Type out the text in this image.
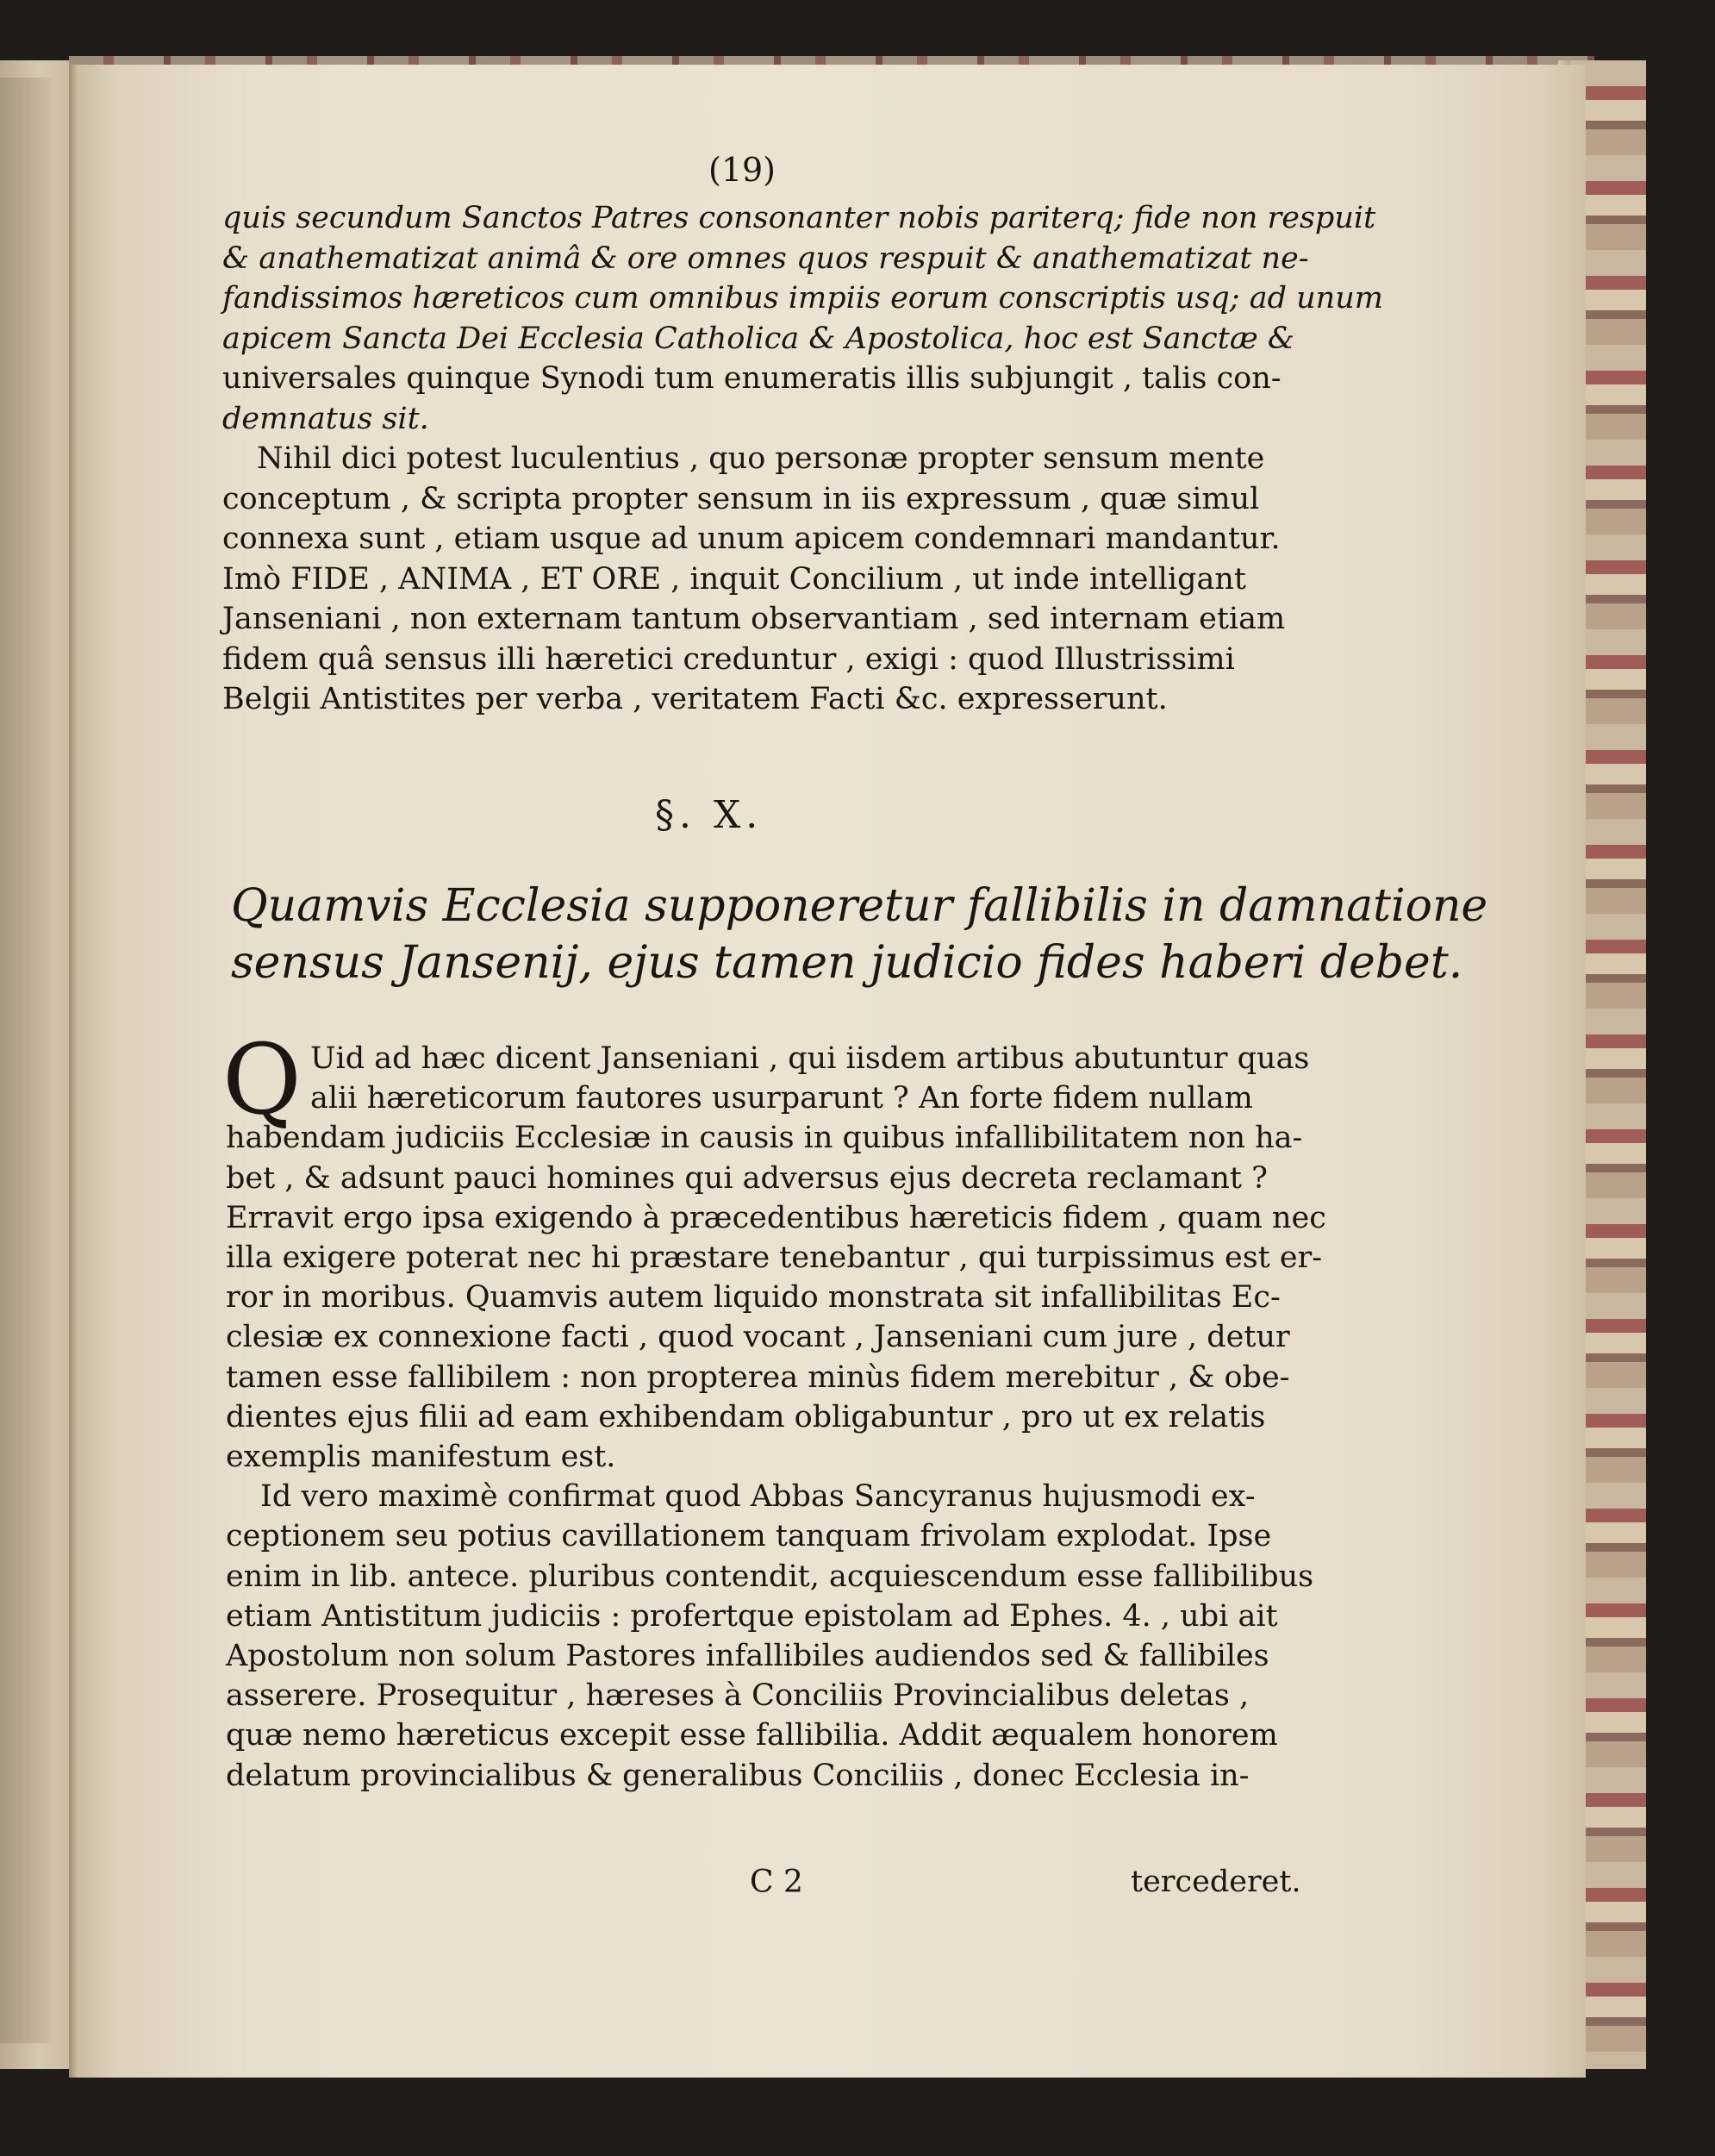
(19)
quis secundum Sanctos Patres consonanter nobis pariterq; fide non respuit
& anathematizat animâ & ore omnes quos respuit & anathematizat ne-
fandissimos hæreticos cum omnibus impiis eorum conscriptis usq; ad unum
apicem Sancta Dei Ecclesia Catholica & Apostolica, hoc est Sanctæ &
universales quinque Synodi tum enumeratis illis subjungit , talis con-
demnatus sit.
Nihil dici potest luculentius , quo personæ propter sensum mente
conceptum , & scripta propter sensum in iis expressum , quæ simul
connexa sunt , etiam usque ad unum apicem condemnari mandantur.
Imò FIDE , ANIMA , ET ORE , inquit Concilium , ut inde intelligant
Janseniani , non externam tantum observantiam , sed internam etiam
fidem quâ sensus illi hæretici creduntur , exigi : quod Illustrissimi
Belgii Antistites per verba , veritatem Facti &c. expresserunt.
§. X.
Quamvis Ecclesia supponeretur fallibilis in damnatione
sensus Jansenij, ejus tamen judicio fides haberi debet.
Q Uid ad hæc dicent Janseniani , qui iisdem artibus abutuntur quas
alii hæreticorum fautores usurparunt ? An forte fidem nullam
habendam judiciis Ecclesiæ in causis in quibus infallibilitatem non ha-
bet , & adsunt pauci homines qui adversus ejus decreta reclamant ?
Erravit ergo ipsa exigendo à præcedentibus hæreticis fidem , quam nec
illa exigere poterat nec hi præstare tenebantur , qui turpissimus est er-
ror in moribus. Quamvis autem liquido monstrata sit infallibilitas Ec-
clesiæ ex connexione facti , quod vocant , Janseniani cum jure , detur
tamen esse fallibilem : non propterea minùs fidem merebitur , & obe-
dientes ejus filii ad eam exhibendam obligabuntur , pro ut ex relatis
exemplis manifestum est.
Id vero maximè confirmat quod Abbas Sancyranus hujusmodi ex-
ceptionem seu potius cavillationem tanquam frivolam explodat. Ipse
enim in lib. antece. pluribus contendit, acquiescendum esse fallibilibus
etiam Antistitum judiciis : profertque epistolam ad Ephes. 4. , ubi ait
Apostolum non solum Pastores infallibiles audiendos sed & fallibiles
asserere. Prosequitur , hæreses à Conciliis Provincialibus deletas ,
quæ nemo hæreticus excepit esse fallibilia. Addit æqualem honorem
delatum provincialibus & generalibus Conciliis , donec Ecclesia in-
C 2	tercederet.
